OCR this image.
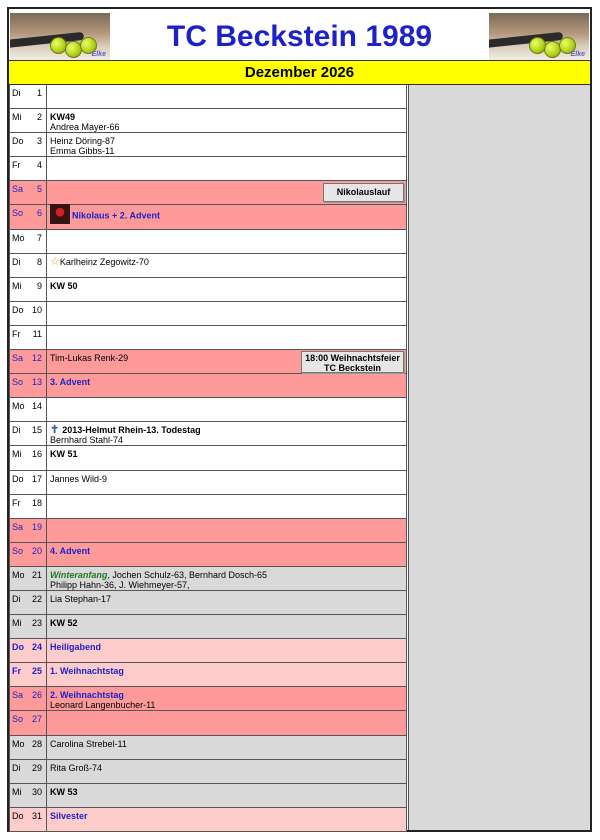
Elke
TC Beckstein 1989
Elke
Dezember 2026
Di 1
Mi 2 KW49
Andrea Mayer-66
Do 3 Heinz Döring-87
Emma Gibbs-11
Fr 4
Sa 5	Nikolauslauf
So 6	Nikolaus + 2. Advent
Mo 7
Di 8 ☆Karlheinz Zegowitz-70
Mi 9 KW 50
Do 10
Fr 11
Sa 12 Tim-Lukas Renk-29	18:00 Weihnachtsfeier
TC Beckstein
So 13 3. Advent
Mo 14
Di 15 ✝ 2013-Helmut Rhein-13. Todestag
Bernhard Stahl-74
Mi 16 KW 51
Do 17 Jannes Wild-9
Fr 18
Sa 19
So 20 4. Advent
Mo 21 Winteranfang, Jochen Schulz-63, Bernhard Dosch-65
Philipp Hahn-36, J. Wiehmeyer-57,
Di 22 Lia Stephan-17
Mi 23 KW 52
Do 24 Heiligabend
Fr 25 1. Weihnachtstag
Sa 26 2. Weihnachtstag
Leonard Langenbucher-11
So 27
Mo 28 Carolina Strebel-11
Di 29 Rita Groß-74
Mi 30 KW 53
Do 31 Silvester
